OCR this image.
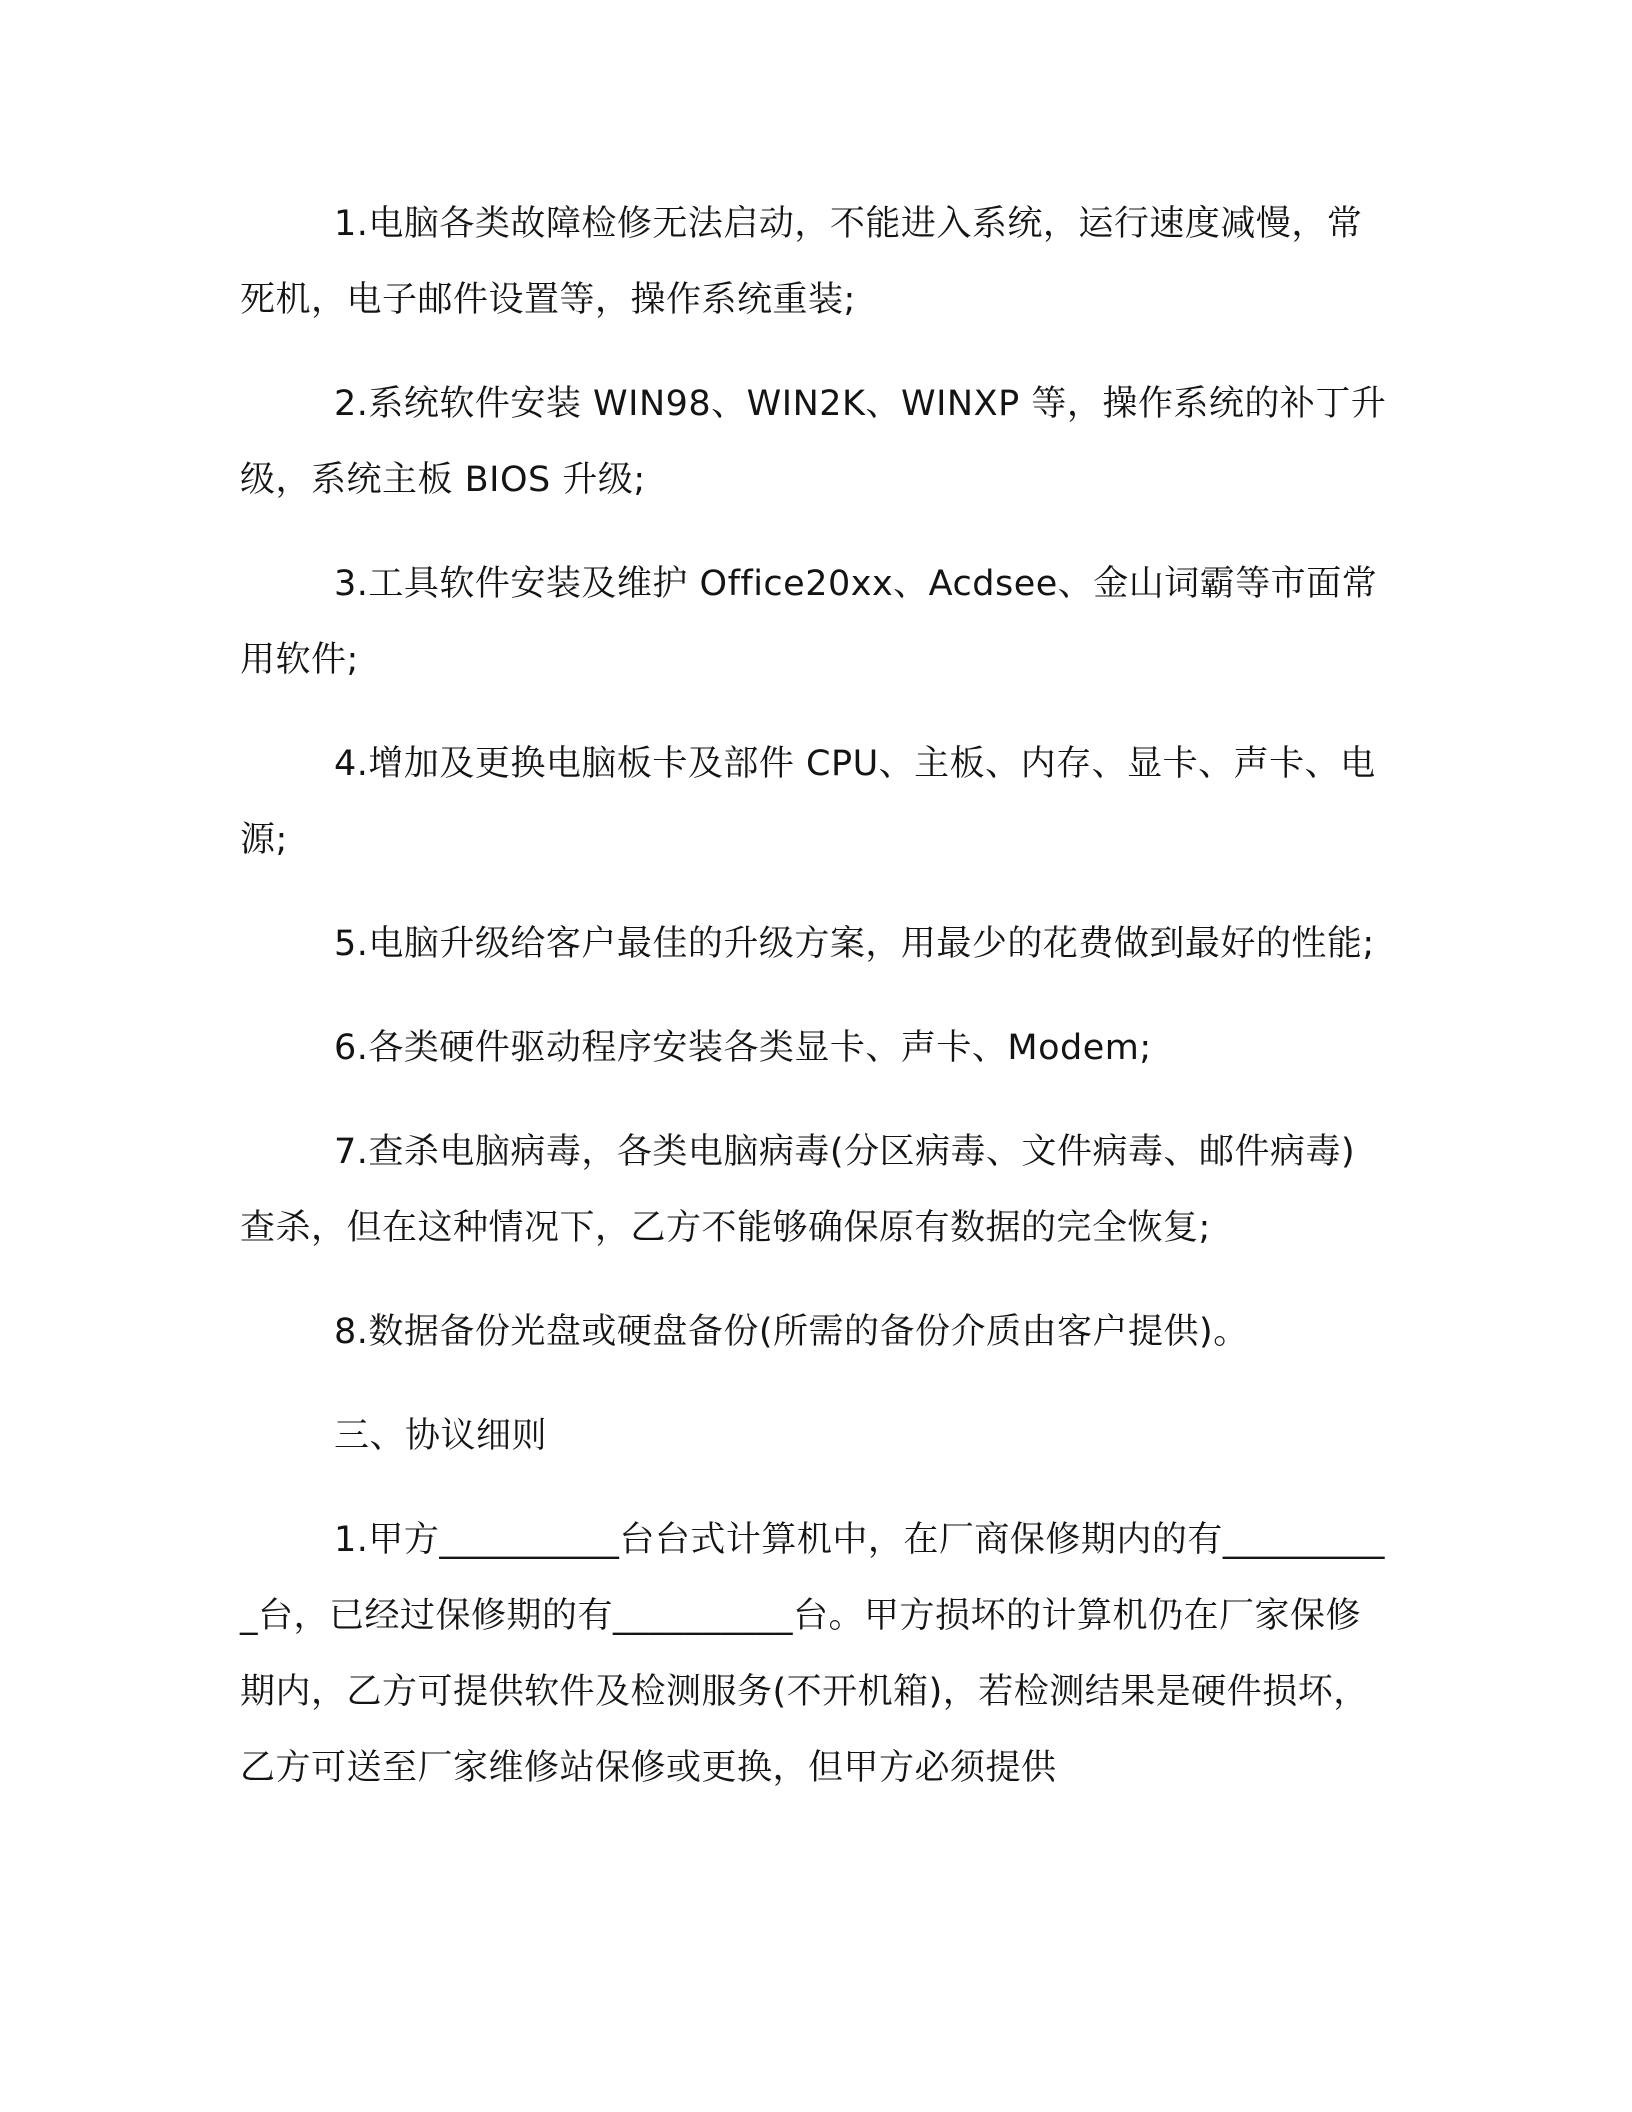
1.电脑各类故障检修无法启动，不能进入系统，运行速度减慢，常死机，电子邮件设置等，操作系统重装;

2.系统软件安装 WIN98、WIN2K、WINXP 等，操作系统的补丁升级，系统主板 BIOS 升级;

3.工具软件安装及维护 Office20xx、Acdsee、金山词霸等市面常用软件;

4.增加及更换电脑板卡及部件 CPU、主板、内存、显卡、声卡、电源;

5.电脑升级给客户最佳的升级方案，用最少的花费做到最好的性能;

6.各类硬件驱动程序安装各类显卡、声卡、Modem;

7.查杀电脑病毒，各类电脑病毒(分区病毒、文件病毒、邮件病毒)查杀，但在这种情况下，乙方不能够确保原有数据的完全恢复;

8.数据备份光盘或硬盘备份(所需的备份介质由客户提供)。

三、协议细则

1.甲方__________台台式计算机中，在厂商保修期内的有__________台，已经过保修期的有__________台。甲方损坏的计算机仍在厂家保修期内，乙方可提供软件及检测服务(不开机箱)，若检测结果是硬件损坏，乙方可送至厂家维修站保修或更换，但甲方必须提供
